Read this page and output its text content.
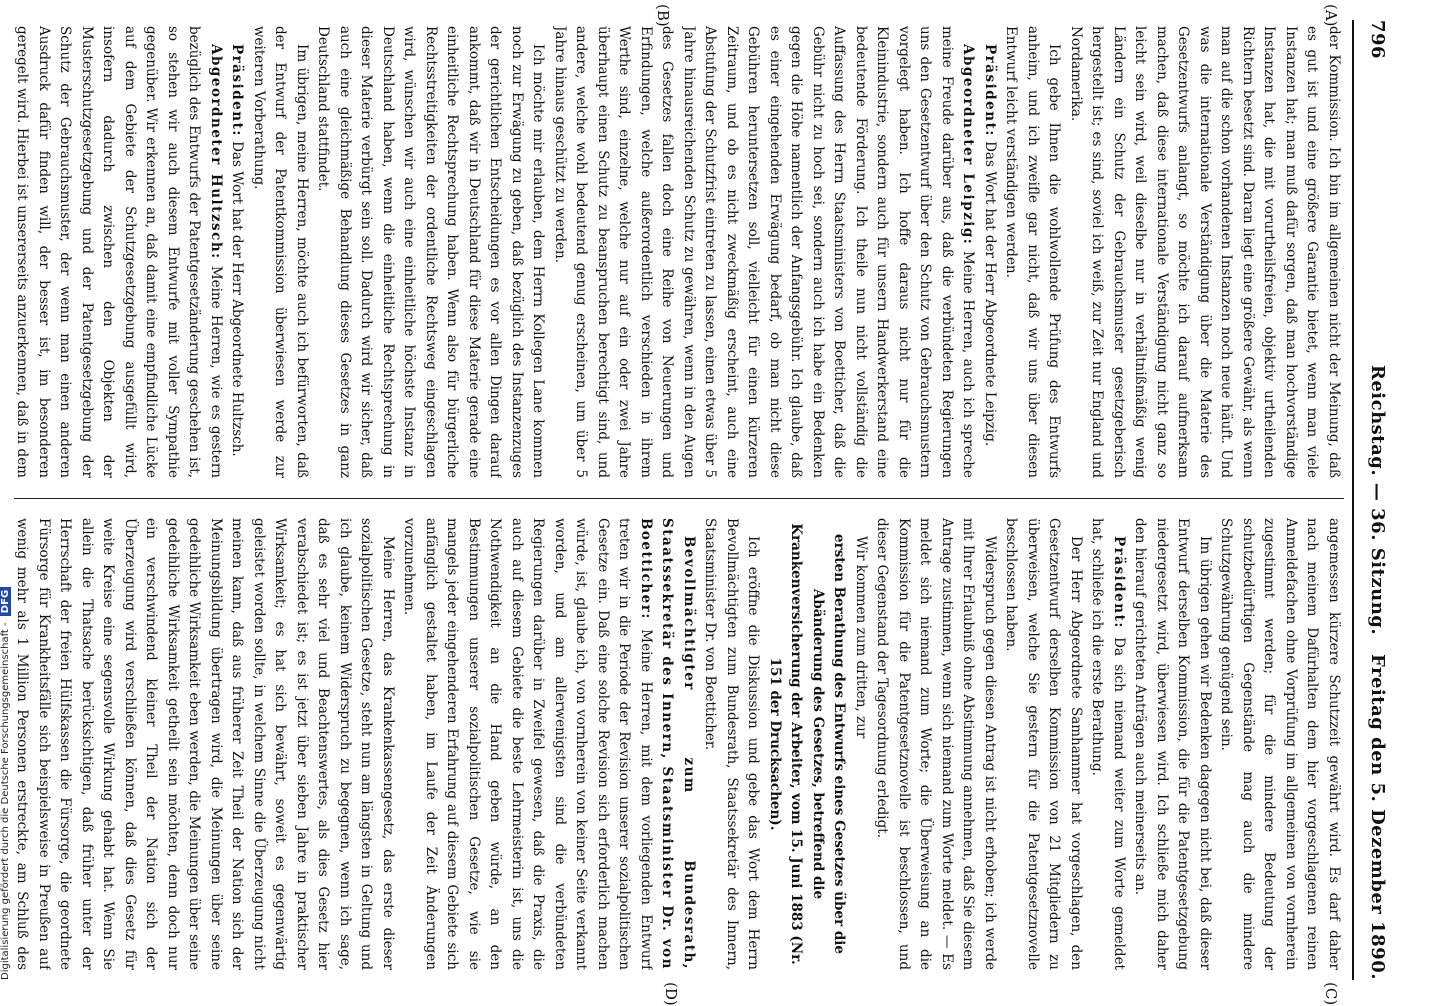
796
Reichstag. — 36. Sitzung.
Freitag den 5. Dezember 1890.
(A)
(B)
(C)
(D)

der Kommission. Ich bin im allgemeinen nicht der Meinung, daß es gut ist und eine größere Garantie bietet, wenn man viele Instanzen hat; man muß dafür sorgen, daß man hochvorständige Instanzen hat, die mit vorurtheilsfreien, objektiv urtheilenden Richtern besetzt sind. Daran liegt eine größere Gewähr, als wenn man auf die schon vorhandenen Instanzen noch neue häuft. Und was die internationale Verständigung über die Materie des Gesetzentwurfs anlangt, so möchte ich darauf aufmerksam machen, daß diese internationale Verständigung nicht ganz so leicht sein wird, weil dieselbe nur in verhältnißmäßig wenig Ländern ein Schutz der Gebrauchsmuster gesetzgeberisch hergestellt ist; es sind, soviel ich weiß, zur Zeit nur England und Nordamerika.

Ich gebe Ihnen die wohlwollende Prüfung des Entwurfs anheim, und ich zweifle gar nicht, daß wir uns über diesen Entwurf leicht verständigen werden.

Präsident: Das Wort hat der Herr Abgeordnete Leipzig.

Abgeordneter Leipzig: Meine Herren, auch ich spreche meine Freude darüber aus, daß die verbündeten Regierungen uns den Gesetzentwurf über den Schutz von Gebrauchsmustern vorgelegt haben. Ich hoffe daraus nicht nur für die Kleinindustrie, sondern auch für unsern Handwerkerstand eine bedeutende Förderung. Ich theile nun nicht vollständig die Auffassung des Herrn Staatsministers von Boetticher, daß die Gebühr nicht zu hoch sei, sondern auch ich habe ein Bedenken gegen die Höhe namentlich der Anfangsgebühr. Ich glaube, daß es einer eingehenden Erwägung bedarf, ob man nicht diese Gebühren heruntersetzen soll, vielleicht für einen kürzeren Zeitraum, und ob es nicht zweckmäßig erscheint, auch eine Abstufung der Schutzfrist eintreten zu lassen, einen etwas über 5 Jahre hinausreichenden Schutz zu gewähren, wenn in den Augen des Gesetzes fallen doch eine Reihe von Neuerungen und Erfindungen, welche außerordentlich verschieden in ihrem Werthe sind, einzelne, welche nur auf ein oder zwei Jahre überhaupt einen Schutz zu beanspruchen berechtigt sind, und andere, welche wohl bedeutend genug erscheinen, um über 5 Jahre hinaus geschützt zu werden.

Ich möchte mir erlauben, dem Herrn Kollegen Lane kommen noch zur Erwägung zu geben, daß bezüglich des Instanzenzuges der gerichtlichen Entscheidungen es vor allen Dingen darauf ankommt, daß wir in Deutschland für diese Materie gerade eine einheitliche Rechtsprechung haben. Wenn also für bürgerliche Rechtsstreitigkeiten der ordentliche Rechtsweg eingeschlagen wird, wünschen wir auch eine einheitliche höchste Instanz in Deutschland haben, wenn die einheitliche Rechtsprechung in dieser Materie verbürgt sein soll. Dadurch wird wir sicher, daß auch eine gleichmäßige Behandlung dieses Gesetzes in ganz Deutschland stattfindet.

Im übrigen, meine Herren, möchte auch ich befürworten, daß der Entwurf der Patentkommission überwiesen werde zur weiteren Vorberathung.

Präsident: Das Wort hat der Herr Abgeordnete Hultzsch.

Abgeordneter Hultzsch: Meine Herren, wie es gestern bezüglich des Entwurfs der Patentgesetzänderung geschehen ist, so stehen wir auch diesem Entwurfe mit voller Sympathie gegenüber. Wir erkennen an, daß damit eine empfindliche Lücke auf dem Gebiete der Schutzgesetzgebung ausgefüllt wird, insofern dadurch zwischen den Objekten der Musterschutzgesetzgebung und der Patentgesetzgebung der Schutz der Gebrauchsmuster, der wenn man einen anderen Ausdruck dafür finden will, der besser ist, im besonderen geregelt wird. Hierbei ist unsererseits anzuerkennen, daß in dem

angemessen kürzere Schutzzeit gewährt wird. Es darf daher nach meinem Dafürhalten dem hier vorgeschlagenen reinen Anmeldefachen ohne Vorprüfung im allgemeinen von vornherein zugestimmt werden; für die mindere Bedeutung der schutzbedürftigen Gegenstände mag auch die mindere Schutzgewährung genügend sein.

Im übrigen gehen wir Bedenken dagegen nicht bei, daß dieser Entwurf derselben Kommission, die für die Patentgesetzgebung niedergesetzt wird, überwiesen wird. Ich schließe mich daher den hierauf gerichteten Anträgen auch meinerseits an.

Präsident: Da sich niemand weiter zum Worte gemeldet hat, schließe ich die erste Berathung.

Der Herr Abgeordnete Samhammer hat vorgeschlagen, den Gesetzentwurf derselben Kommission von 21 Mitgliedern zu überweisen, welche Sie gestern für die Patentgesetznovelle beschlossen haben.

Widerspruch gegen diesen Antrag ist nicht erhoben; ich werde mit Ihrer Erlaubniß ohne Abstimmung annehmen, daß Sie diesem Antrage zustimmen, wenn sich niemand zum Worte meldet. — Es meldet sich niemand zum Worte; die Überweisung an die Kommission für die Patentgesetznovelle ist beschlossen, und dieser Gegenstand der Tagesordnung erledigt.

Wir kommen zum dritten, zur

ersten Berathung des Entwurfs eines Gesetzes über die Abänderung des Gesetzes, betreffend die Krankenversicherung der Arbeiter, vom 15. Juni 1883 (Nr. 151 der Drucksachen).

Ich eröffne die Diskussion und gebe das Wort dem Herrn Bevollmächtigten zum Bundesrath, Staatssekretär des Innern, Staatsminister Dr. von Boetticher.

Bevollmächtigter zum Bundesrath, Staatssekretär des Innern, Staatsminister Dr. von Boetticher: Meine Herren, mit dem vorliegenden Entwurf treten wir in die Periode der Revision unserer sozialpolitischen Gesetze ein. Daß eine solche Revision sich erforderlich machen würde, ist, glaube ich, von vornherein von keiner Seite verkannt worden, und am allerwenigsten sind die verbündeten Regierungen darüber in Zweifel gewesen, daß die Praxis, die auch auf diesem Gebiete die beste Lehrmeisterin ist, uns die Nothwendigkeit an die Hand geben würde, an den Bestimmungen unserer sozialpolitischen Gesetze, wie sie mangels jeder eingehenderen Erfahrung auf diesem Gebiete sich anfänglich gestaltet haben, im Laufe der Zeit Änderungen vorzunehmen.

Meine Herren, das Krankenkassengesetz, das erste dieser sozialpolitischen Gesetze, steht nun am längsten in Geltung und ich glaube, keinem Widerspruch zu begegnen, wenn ich sage, daß es sehr viel und Beachtenswertes, als dies Gesetz hier verabschiedet ist; es ist jetzt über sieben Jahre in praktischer Wirksamkeit; es hat sich bewährt, soweit es gegenwärtig geleistet worden sollte, in welchem Sinne die Überzeugung nicht meinen kann, daß aus früherer Zeit Theil der Nation sich der Meinungsbildung übertragen wird, die Meinungen über seine gedeihliche Wirksamkeit eben werden, die Meinungen über seine gedeihliche Wirksamkeit getheilt sein möchten, denn doch nur ein verschwindend kleiner Theil der Nation sich der Überzeugung wird verschließen können, daß dies Gesetz für weite Kreise eine segensvolle Wirkung gehabt hat. Wenn Sie allein die Thatsache berücksichtigen, daß früher unter der Herrschaft der freien Hülfskassen die Fürsorge, die geordnete Fürsorge für Krankheitsfälle sich beispielsweise in Preußen auf wenig mehr als 1 Million Personen erstreckte, am Schluß des

Digitalisierung gefördert durch die Deutsche Forschungsgemeinschaft - DFG
